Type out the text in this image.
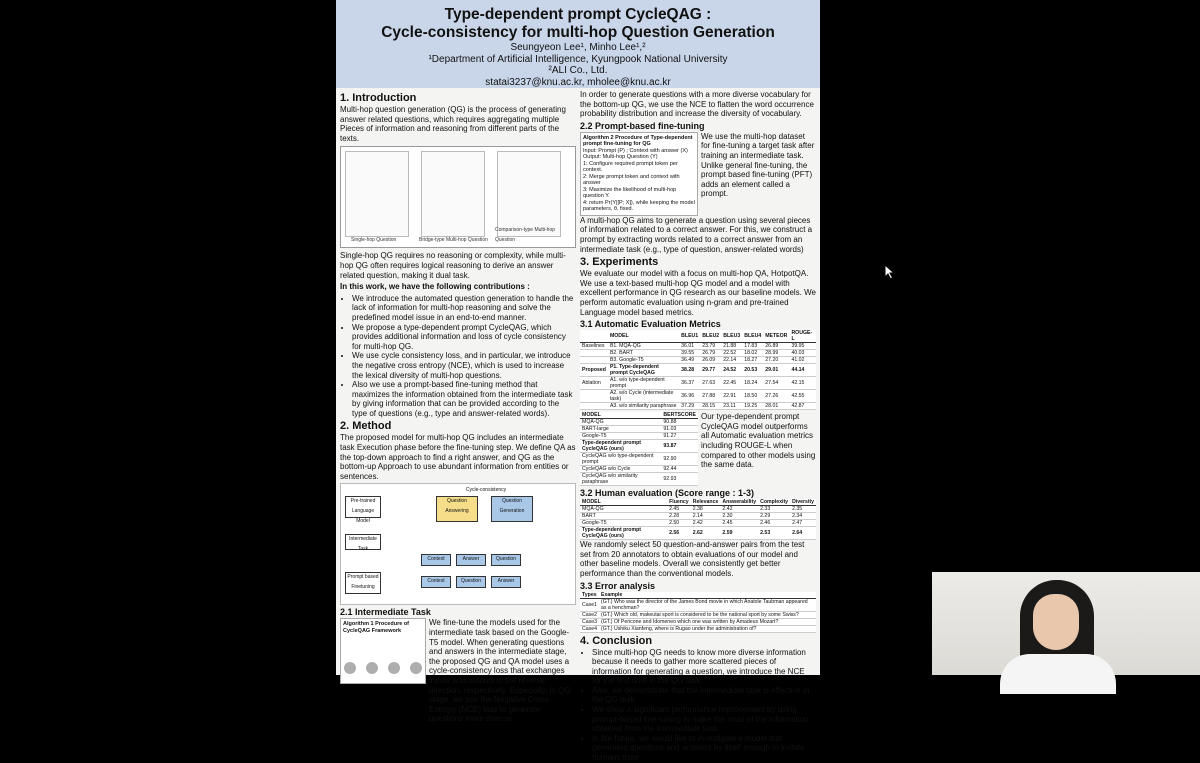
Type-dependent prompt CycleQAG :
Cycle-consistency for multi-hop Question Generation
Seungyeon Lee¹, Minho Lee¹,²
¹Department of Artificial Intelligence, Kyungpook National University
²ALI Co., Ltd.
statai3237@knu.ac.kr, mholee@knu.ac.kr
1. Introduction

Multi-hop question generation (QG) is the process of generating answer related questions, which requires aggregating multiple Pieces of information and reasoning from different parts of the texts.

Single-hop Question	Bridge-type Multi-hop Question
Comparison-type Multi-hop Question

Single-hop QG requires no reasoning or complexity, while multi-hop QG often requires logical reasoning to derive an answer related question, making it dual task.

In this work, we have the following contributions :

• We introduce the automated question generation to handle the lack of information for multi-hop reasoning and solve the predefined model issue in an end-to-end manner.
• We propose a type-dependent prompt CycleQAG, which provides additional information and loss of cycle consistency for multi-hop QG.
• We use cycle consistency loss, and in particular, we introduce the negative cross entropy (NCE), which is used to increase the lexical diversity of multi-hop questions.
• Also we use a prompt-based fine-tuning method that maximizes the information obtained from the intermediate task by giving information that can be provided according to the type of questions (e.g., type and answer-related words).
2. Method

The proposed model for multi-hop QG includes an intermediate task Execution phase before the fine-tuning step. We define QA as the top-down approach to find a right answer, and QG as the bottom-up Approach to use abundant information from entities or sentences.

Pre-trained Language Model
Intermediate Task
Prompt based Finetuning
Question Answering
Question Generation
Cycle-consistency
Context	Answer	Question
Context	Question	Answer
2.1 Intermediate Task
Algorithm 1 Procedure of CycleQAG Framework

We fine-tune the models used for the intermediate task based on the Google-T5 model. When generating questions and answers in the intermediate stage, the proposed QG and QA model uses a cycle-consistency loss that exchanges inputs and outputs in the reverse direction, respectively. Especially, in QG stage, we use the Negative Cross-Entropy (NCE) loss to generate questions more diverse.

In order to generate questions with a more diverse vocabulary for the bottom-up QG, we use the NCE to flatten the word occurrence probability distribution and increase the diversity of vocabulary.

2.2 Prompt-based fine-tuning
Algorithm 2 Procedure of Type-dependent prompt fine-tuning for QG
Input: Prompt (P) ; Context with answer (X)
Output: Multi-hop Question (Y)
1: Configure required prompt token per context.
2: Merge prompt token and context with answer
3: Maximize the likelihood of multi-hop question Y.
4: return Pr(Y|[P; X]), while keeping the model parameters, θ, fixed.

We use the multi-hop dataset for fine-tuning a target task after training an intermediate task. Unlike general fine-tuning, the prompt based fine-tuning (PFT) adds an element called a prompt.

A multi-hop QG aims to generate a question using several pieces of information related to a correct answer. For this, we construct a prompt by extracting words related to a correct answer from an intermediate task (e.g., type of question, answer-related words)

3. Experiments

We evaluate our model with a focus on multi-hop QA, HotpotQA. We use a text-based multi-hop QG model and a model with excellent performance in QG research as our baseline models. We perform automatic evaluation using n-gram and pre-trained Language model based metrics.

3.1 Automatic Evaluation Metrics
	MODEL	BLEU1	BLEU2	BLEU3	BLEU4	METEOR	ROUGE-L
Baselines	B1. MQA-QG	36.01	23.79	21.88	17.83	26.89	39.95
	B2. BART	39.55	26.79	22.52	18.02	28.99	40.03
	B3. Google-T5	36.49	26.09	22.14	18.27	27.20	41.02
Proposed	P1. Type-dependent prompt CycleQAG	38.28	29.77	24.52	20.53	29.01	44.14
Ablation	A1. w/o type-dependent prompt	36.37	27.63	22.45	18.24	27.54	42.15
	A2. w/o Cycle (intermediate task)	36.96	27.88	22.91	18.50	27.26	42.55
	A3. w/o similarity paraphrase	37.29	28.15	23.11	19.25	28.01	42.87
MODEL	BERTSCORE
MQA-QG	90.88
BART-large	91.03
Google-T5	91.27
Type-dependent prompt CycleQAG (ours)	93.87
CycleQAG w/o type-dependent prompt	92.90
CycleQAG w/o Cycle	92.44
CycleQAG w/o similarity paraphrase	92.93

Our type-dependent prompt CycleQAG model outperforms all Automatic evaluation metrics including ROUGE-L when compared to other models using the same data.

3.2 Human evaluation (Score range : 1-3)
MODEL	Fluency	Relevance	Answerability	Complexity	Diversity
MQA-QG	2.45	2.38	2.42	2.33	2.35
BART	2.28	2.14	2.30	2.29	2.34
Google-T5	2.50	2.42	2.45	2.46	2.47
Type-dependent prompt CycleQAG (ours)	2.56	2.62	2.59	2.53	2.64

We randomly select 50 question-and-answer pairs from the test set from 20 annotators to obtain evaluations of our model and other baseline models. Overall we consistently get better performance than the conventional models.

3.3 Error analysis
Types	Example
Case1	(GT.) Who was the director of the James Bond movie in which Anatole Taubman appeared as a henchman?
Case2	(GT.) Which old, makeutai sport is considered to be the national sport by some Swiss?
Case3	(GT.) Of Pericone and Idomeneo which one was written by Amadeus Mozart?
Case4	(GT.) Ushiku Xianfeng, where is Rugao under the administration of?
4. Conclusion
• Since multi-hop QG needs to know more diverse information because it needs to gather more scattered pieces of information for generating a question, we introduce the NCE for the first time in the QG task.
• Also, we demonstrate that the intermediate task is effective in the QG task.
• We show a significant performance improvement by using prompt-based fine-tuning to make the most of the information obtained from the intermediate task.
• In the future, we would like to investigate a model that generates questions and answers by itself enough to imitate humans from
